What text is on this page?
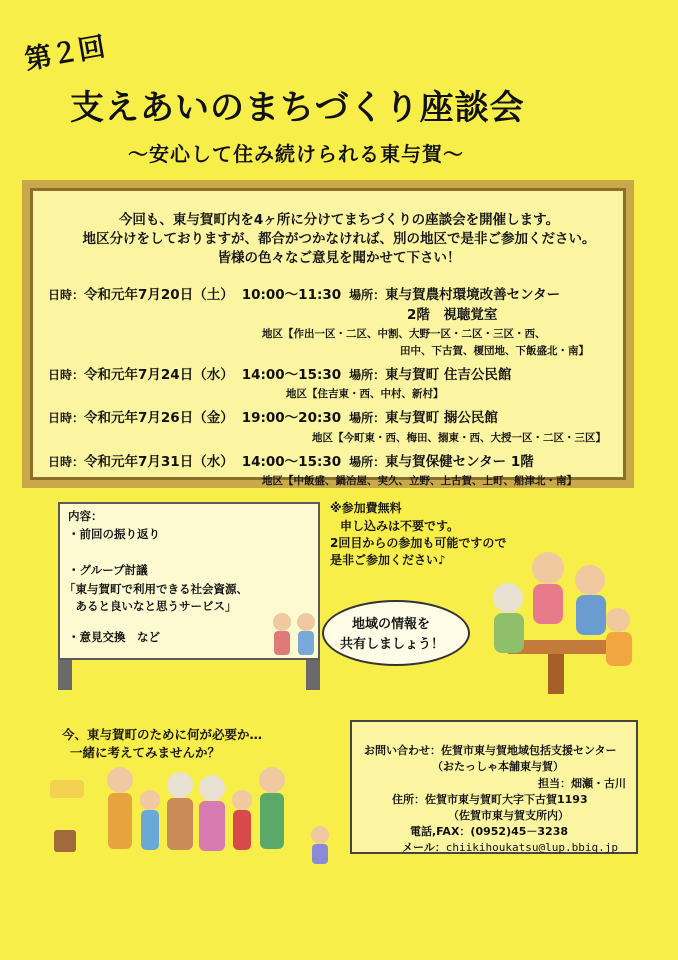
第２回
支えあいのまちづくり座談会
～安心して住み続けられる東与賀～
今回も、東与賀町内を4ヶ所に分けてまちづくりの座談会を開催します。
地区分けをしておりますが、都合がつかなければ、別の地区で是非ご参加ください。
皆様の色々なご意見を聞かせて下さい！
日時：令和元年7月20日（土） 10:00～11:30 場所：東与賀農村環境改善センター
2階　視聴覚室
地区【作出一区・二区、中割、大野一区・二区・三区・西、
田中、下古賀、榎団地、下飯盛北・南】
日時：令和元年7月24日（水） 14:00～15:30 場所：東与賀町 住吉公民館
地区【住吉東・西、中村、新村】
日時：令和元年7月26日（金） 19:00～20:30 場所：東与賀町 搦公民館
地区【今町東・西、梅田、搦東・西、大授一区・二区・三区】
日時：令和元年7月31日（水） 14:00～15:30 場所：東与賀保健センター 1階
地区【中飯盛、鍋冶屋、実久、立野、上古賀、上町、船津北・南】
内容：
・前回の振り返り
・グループ討議
「東与賀町で利用できる社会資源、
　あると良いなと思うサービス」
・意見交換　など
※参加費無料
申し込みは不要です。
2回目からの参加も可能ですので
是非ご参加ください♪
地域の情報を
共有しましょう！
今、東与賀町のために何が必要か…
一緒に考えてみませんか？	お問い合わせ：佐賀市東与賀地域包括支援センター
（おたっしゃ本舗東与賀）
担当：畑瀬・古川
住所：佐賀市東与賀町大字下古賀1193
（佐賀市東与賀支所内）
電話,FAX：(0952)45－3238
メール：chiikihoukatsu@lup.bbiq.jp
